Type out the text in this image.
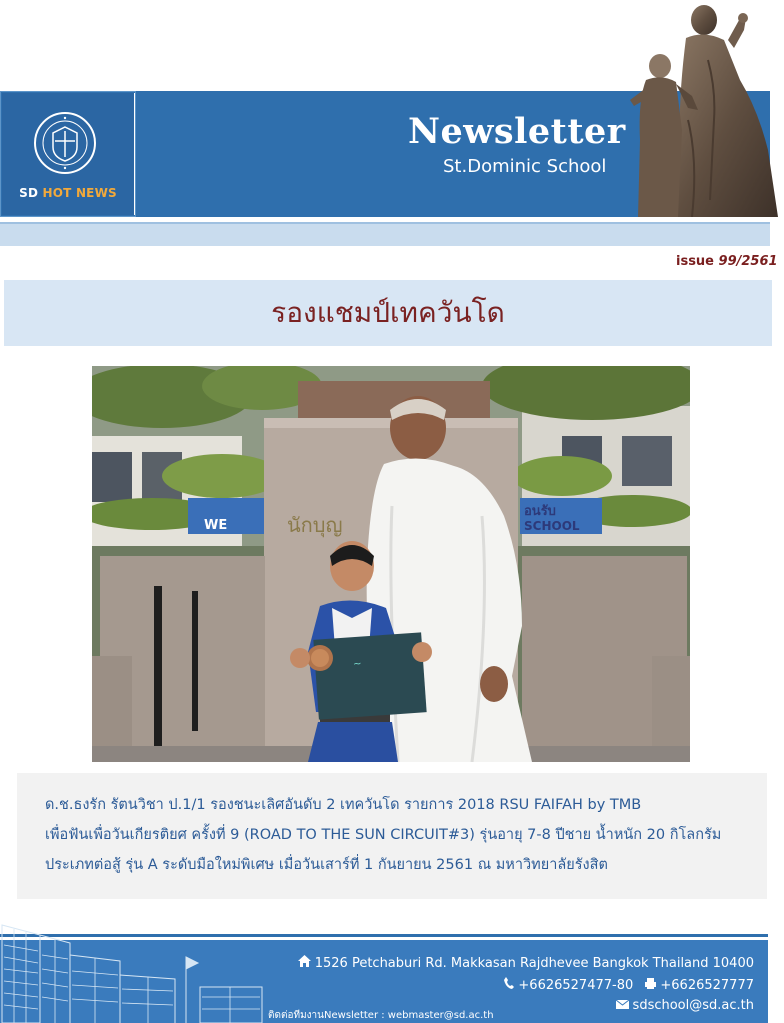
SD HOT NEWS
Newsletter
St.Dominic School
issue 99/2561
รองแชมป์เทควันโด
WE
อนรับ
SCHOOL
นักบุญ
~
ด.ช.ธงรัก รัตนวิชา ป.1/1 รองชนะเลิศอันดับ 2 เทควันโด รายการ 2018 RSU FAIFAH by TMB
เพื่อฟันเพื่อวันเกียรติยศ ครั้งที่ 9 (ROAD TO THE SUN CIRCUIT#3) รุ่นอายุ 7-8 ปีชาย น้ำหนัก 20 กิโลกรัม
ประเภทต่อสู้ รุ่น A ระดับมือใหม่พิเศษ เมื่อวันเสาร์ที่ 1 กันยายน 2561 ณ มหาวิทยาลัยรังสิต
1526 Petchaburi Rd. Makkasan Rajdhevee Bangkok Thailand 10400
+6626527477-80 +6626527777
sdschool@sd.ac.th
ติดต่อทีมงานNewsletter : webmaster@sd.ac.th
